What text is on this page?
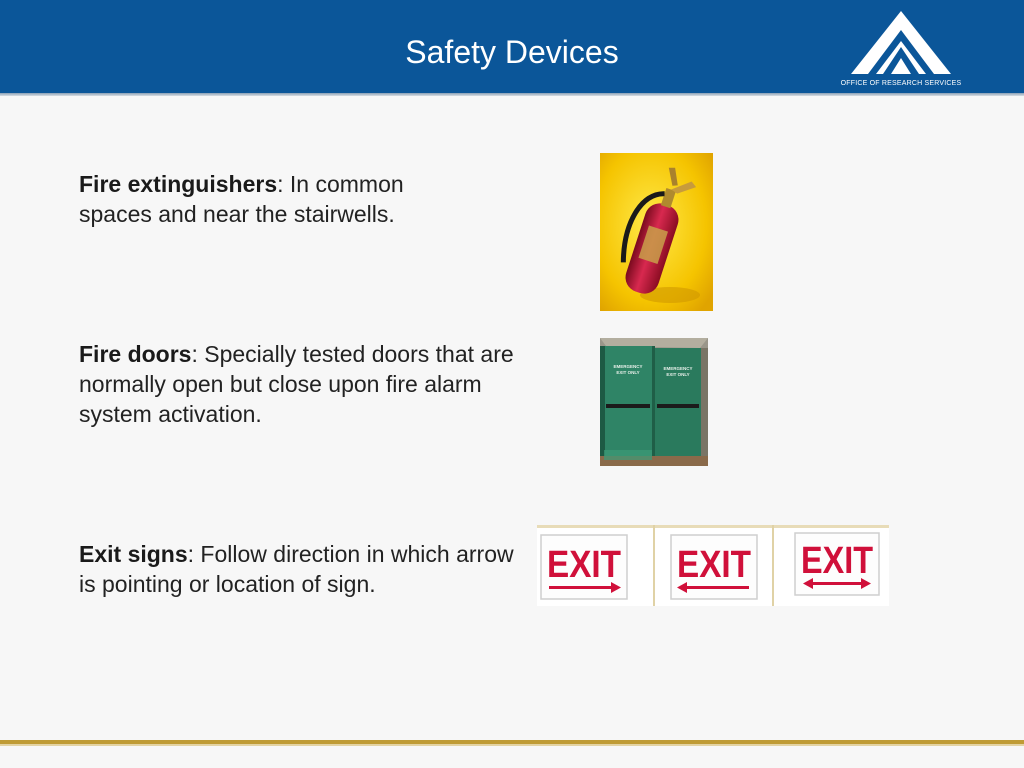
Safety Devices
OFFICE OF RESEARCH SERVICES
Fire extinguishers: In common spaces and near the stairwells.
Fire doors: Specially tested doors that are normally open but close upon fire alarm system activation.
Exit signs: Follow direction in which arrow is pointing or location of sign.
EMERGENCY
EXIT ONLY
EMERGENCY
EXIT ONLY
EXIT EXIT EXIT
